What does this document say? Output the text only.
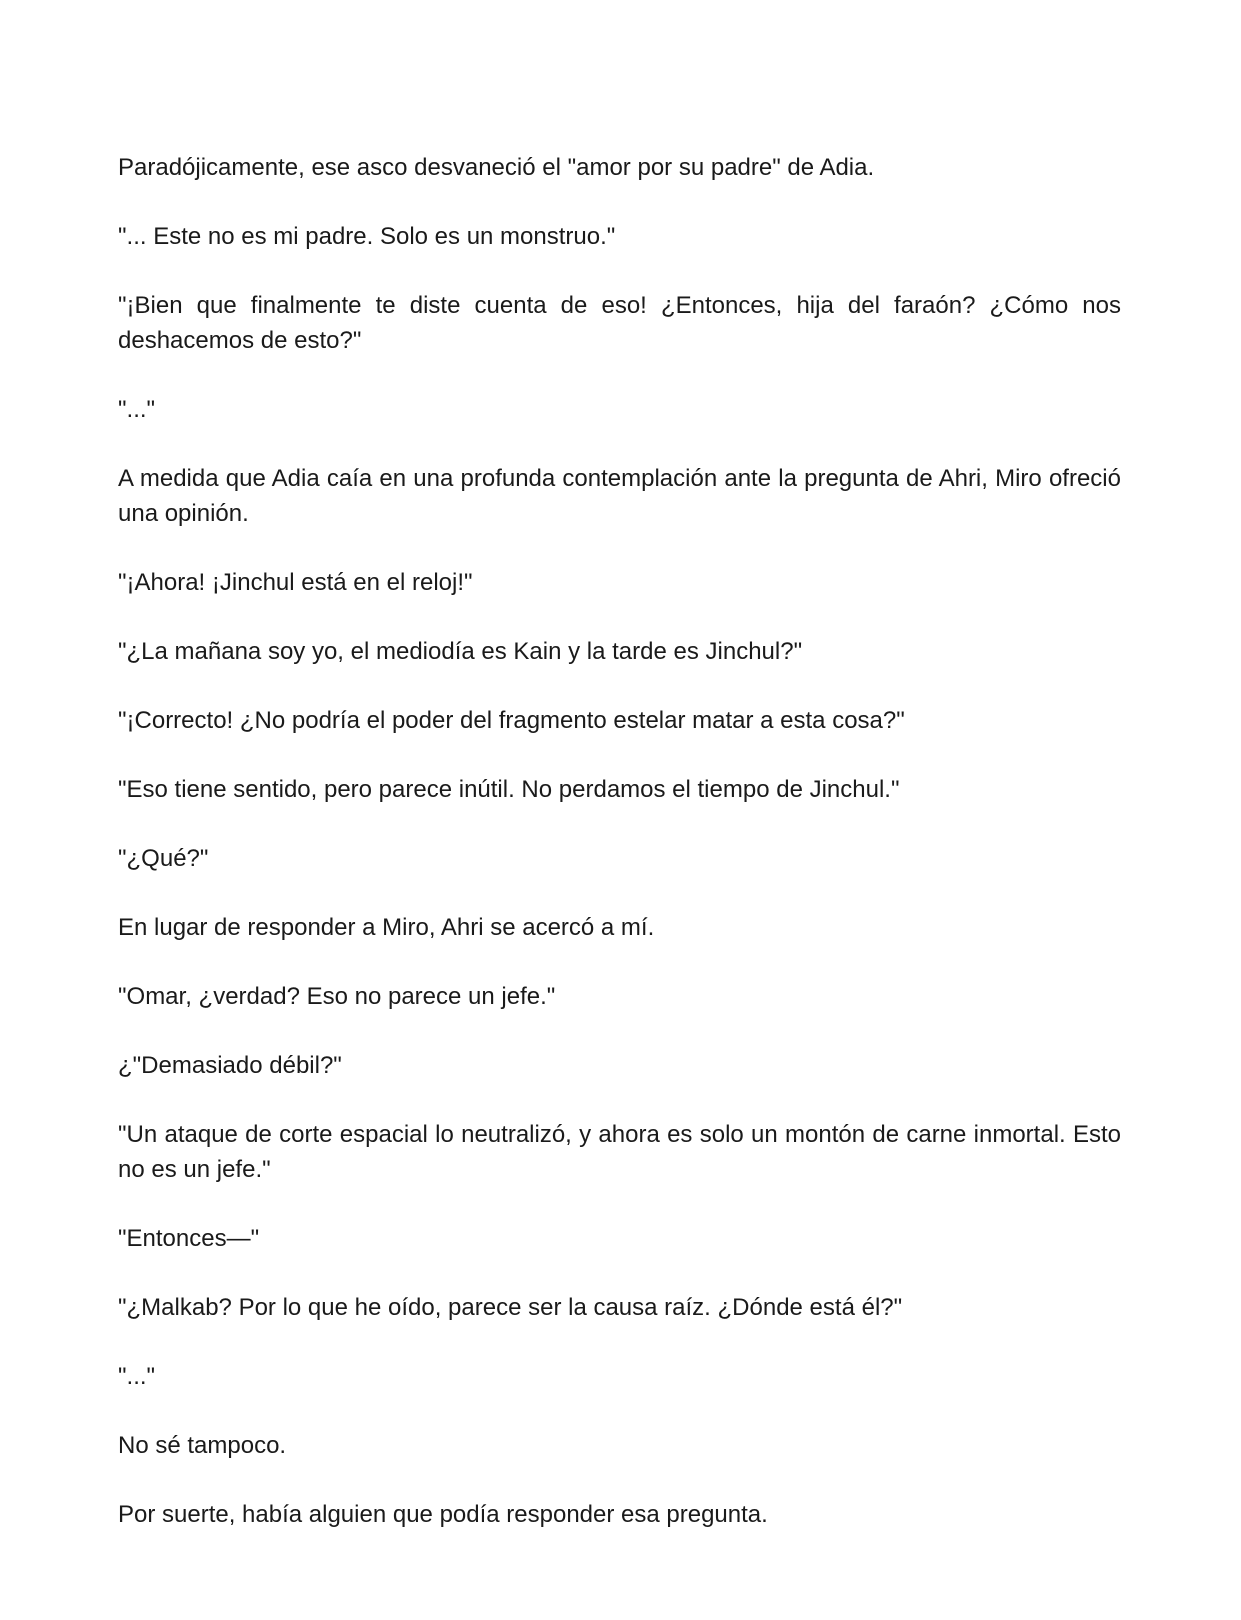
Paradójicamente, ese asco desvaneció el "amor por su padre" de Adia.

"... Este no es mi padre. Solo es un monstruo."

"¡Bien que finalmente te diste cuenta de eso! ¿Entonces, hija del faraón? ¿Cómo nos deshacemos de esto?"

"..."

A medida que Adia caía en una profunda contemplación ante la pregunta de Ahri, Miro ofreció una opinión.

"¡Ahora! ¡Jinchul está en el reloj!"

"¿La mañana soy yo, el mediodía es Kain y la tarde es Jinchul?"

"¡Correcto! ¿No podría el poder del fragmento estelar matar a esta cosa?"

"Eso tiene sentido, pero parece inútil. No perdamos el tiempo de Jinchul."

"¿Qué?"

En lugar de responder a Miro, Ahri se acercó a mí.

"Omar, ¿verdad? Eso no parece un jefe."

¿"Demasiado débil?"

"Un ataque de corte espacial lo neutralizó, y ahora es solo un montón de carne inmortal. Esto no es un jefe."

"Entonces—"

"¿Malkab? Por lo que he oído, parece ser la causa raíz. ¿Dónde está él?"

"..."

No sé tampoco.

Por suerte, había alguien que podía responder esa pregunta.
